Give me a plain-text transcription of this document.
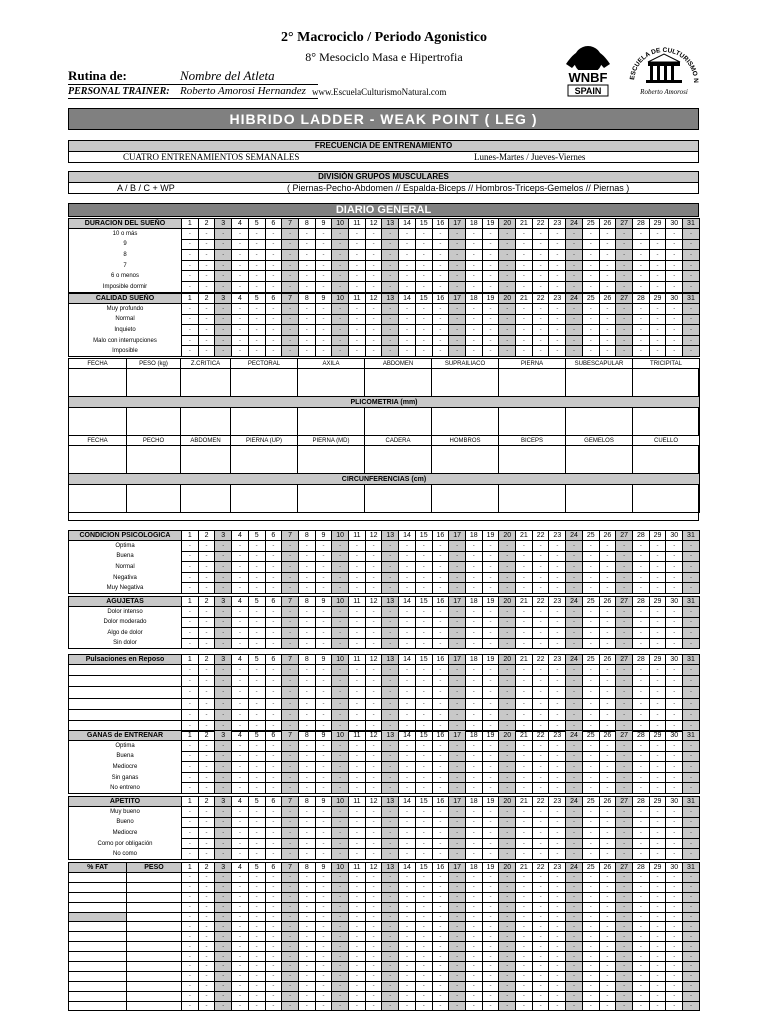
2° Macrociclo / Periodo Agonistico
8° Mesociclo Masa e Hipertrofia
Rutina de:	Nombre del Atleta
PERSONAL TRAINER: Roberto Amorosi Hernandez www.EscuelaCulturismoNatural.com
WNBF
SPAIN
ESCUELA DE CULTURISMO N
Roberto Amorosi
HIBRIDO LADDER - WEAK POINT ( LEG )
FRECUENCIA DE ENTRENAMIENTO
CUATRO ENTRENAMIENTOS SEMANALES	Lunes-Martes / Jueves-Viernes
DIVISIÓN GRUPOS MUSCULARES
A / B / C + WP	( Piernas-Pecho-Abdomen // Espalda-Biceps // Hombros-Triceps-Gemelos // Piernas )
DIARIO GENERAL
DURACION DEL SUEÑO	1	2	3	4	5	6	7	8	9	10	11	12	13	14	15	16	17	18	19	20	21	22	23	24	25	26	27	28	29	30	31
10 o más	-	-	-	-	-	-	-	-	-	-	-	-	-	-	-	-	-	-	-	-	-	-	-	-	-	-	-	-	-	-	-
9	-	-	-	-	-	-	-	-	-	-	-	-	-	-	-	-	-	-	-	-	-	-	-	-	-	-	-	-	-	-	-
8	-	-	-	-	-	-	-	-	-	-	-	-	-	-	-	-	-	-	-	-	-	-	-	-	-	-	-	-	-	-	-
7	-	-	-	-	-	-	-	-	-	-	-	-	-	-	-	-	-	-	-	-	-	-	-	-	-	-	-	-	-	-	-
6 o menos	-	-	-	-	-	-	-	-	-	-	-	-	-	-	-	-	-	-	-	-	-	-	-	-	-	-	-	-	-	-	-
Imposible dormir	-	-	-	-	-	-	-	-	-	-	-	-	-	-	-	-	-	-	-	-	-	-	-	-	-	-	-	-	-	-	-
CALIDAD SUEÑO	1	2	3	4	5	6	7	8	9	10	11	12	13	14	15	16	17	18	19	20	21	22	23	24	25	26	27	28	29	30	31
Muy profundo	-	-	-	-	-	-	-	-	-	-	-	-	-	-	-	-	-	-	-	-	-	-	-	-	-	-	-	-	-	-	-
Normal	-	-	-	-	-	-	-	-	-	-	-	-	-	-	-	-	-	-	-	-	-	-	-	-	-	-	-	-	-	-	-
Inquieto	-	-	-	-	-	-	-	-	-	-	-	-	-	-	-	-	-	-	-	-	-	-	-	-	-	-	-	-	-	-	-
Malo con interrupciones	-	-	-	-	-	-	-	-	-	-	-	-	-	-	-	-	-	-	-	-	-	-	-	-	-	-	-	-	-	-	-
Imposible	-	-	-	-	-	-	-	-	-	-	-	-	-	-	-	-	-	-	-	-	-	-	-	-	-	-	-	-	-	-	-
FECHA	PESO (kg)	Z.CRITICA	PECTORAL	AXILA	ABDOMEN	SUPRAILIACO	PIERNA	SUBESCAPULAR	TRICIPITAL

PLICOMETRIA (mm)									

FECHA	PECHO	ABDOMEN	PIERNA (UP)	PIERNA (MD)	CADERA	HOMBROS	BICEPS	GEMELOS	CUELLO

CIRCUNFERENCIAS (cm)									

CONDICION PSICOLOGICA	1	2	3	4	5	6	7	8	9	10	11	12	13	14	15	16	17	18	19	20	21	22	23	24	25	26	27	28	29	30	31
Optima	-	-	-	-	-	-	-	-	-	-	-	-	-	-	-	-	-	-	-	-	-	-	-	-	-	-	-	-	-	-	-
Buena	-	-	-	-	-	-	-	-	-	-	-	-	-	-	-	-	-	-	-	-	-	-	-	-	-	-	-	-	-	-	-
Normal	-	-	-	-	-	-	-	-	-	-	-	-	-	-	-	-	-	-	-	-	-	-	-	-	-	-	-	-	-	-	-
Negativa	-	-	-	-	-	-	-	-	-	-	-	-	-	-	-	-	-	-	-	-	-	-	-	-	-	-	-	-	-	-	-
Muy Negativa	-	-	-	-	-	-	-	-	-	-	-	-	-	-	-	-	-	-	-	-	-	-	-	-	-	-	-	-	-	-	-
AGUJETAS	1	2	3	4	5	6	7	8	9	10	11	12	13	14	15	16	17	18	19	20	21	22	23	24	25	26	27	28	29	30	31
Dolor intenso	-	-	-	-	-	-	-	-	-	-	-	-	-	-	-	-	-	-	-	-	-	-	-	-	-	-	-	-	-	-	-
Dolor moderado	-	-	-	-	-	-	-	-	-	-	-	-	-	-	-	-	-	-	-	-	-	-	-	-	-	-	-	-	-	-	-
Algo de dolor	-	-	-	-	-	-	-	-	-	-	-	-	-	-	-	-	-	-	-	-	-	-	-	-	-	-	-	-	-	-	-
Sin dolor	-	-	-	-	-	-	-	-	-	-	-	-	-	-	-	-	-	-	-	-	-	-	-	-	-	-	-	-	-	-	-
Pulsaciones en Reposo	1	2	3	4	5	6	7	8	9	10	11	12	13	14	15	16	17	18	19	20	21	22	23	24	25	26	27	28	29	30	31
	-	-	-	-	-	-	-	-	-	-	-	-	-	-	-	-	-	-	-	-	-	-	-	-	-	-	-	-	-	-	-
	-	-	-	-	-	-	-	-	-	-	-	-	-	-	-	-	-	-	-	-	-	-	-	-	-	-	-	-	-	-	-
	-	-	-	-	-	-	-	-	-	-	-	-	-	-	-	-	-	-	-	-	-	-	-	-	-	-	-	-	-	-	-
	-	-	-	-	-	-	-	-	-	-	-	-	-	-	-	-	-	-	-	-	-	-	-	-	-	-	-	-	-	-	-
	-	-	-	-	-	-	-	-	-	-	-	-	-	-	-	-	-	-	-	-	-	-	-	-	-	-	-	-	-	-	-
	-	-	-	-	-	-	-	-	-	-	-	-	-	-	-	-	-	-	-	-	-	-	-	-	-	-	-	-	-	-	-
GANAS de ENTRENAR	1	2	3	4	5	6	7	8	9	10	11	12	13	14	15	16	17	18	19	20	21	22	23	24	25	26	27	28	29	30	31
Optima	-	-	-	-	-	-	-	-	-	-	-	-	-	-	-	-	-	-	-	-	-	-	-	-	-	-	-	-	-	-	-
Buena	-	-	-	-	-	-	-	-	-	-	-	-	-	-	-	-	-	-	-	-	-	-	-	-	-	-	-	-	-	-	-
Mediocre	-	-	-	-	-	-	-	-	-	-	-	-	-	-	-	-	-	-	-	-	-	-	-	-	-	-	-	-	-	-	-
Sin ganas	-	-	-	-	-	-	-	-	-	-	-	-	-	-	-	-	-	-	-	-	-	-	-	-	-	-	-	-	-	-	-
No entreno	-	-	-	-	-	-	-	-	-	-	-	-	-	-	-	-	-	-	-	-	-	-	-	-	-	-	-	-	-	-	-
APETITO	1	2	3	4	5	6	7	8	9	10	11	12	13	14	15	16	17	18	19	20	21	22	23	24	25	26	27	28	29	30	31
Muy bueno	-	-	-	-	-	-	-	-	-	-	-	-	-	-	-	-	-	-	-	-	-	-	-	-	-	-	-	-	-	-	-
Bueno	-	-	-	-	-	-	-	-	-	-	-	-	-	-	-	-	-	-	-	-	-	-	-	-	-	-	-	-	-	-	-
Mediocre	-	-	-	-	-	-	-	-	-	-	-	-	-	-	-	-	-	-	-	-	-	-	-	-	-	-	-	-	-	-	-
Como por obligación	-	-	-	-	-	-	-	-	-	-	-	-	-	-	-	-	-	-	-	-	-	-	-	-	-	-	-	-	-	-	-
No como	-	-	-	-	-	-	-	-	-	-	-	-	-	-	-	-	-	-	-	-	-	-	-	-	-	-	-	-	-	-	-
% FAT	PESO	1	2	3	4	5	6	7	8	9	10	11	12	13	14	15	16	17	18	19	20	21	22	23	24	25	26	27	28	29	30	31
		-	-	-	-	-	-	-	-	-	-	-	-	-	-	-	-	-	-	-	-	-	-	-	-	-	-	-	-	-	-	-
		-	-	-	-	-	-	-	-	-	-	-	-	-	-	-	-	-	-	-	-	-	-	-	-	-	-	-	-	-	-	-
		-	-	-	-	-	-	-	-	-	-	-	-	-	-	-	-	-	-	-	-	-	-	-	-	-	-	-	-	-	-	-
		-	-	-	-	-	-	-	-	-	-	-	-	-	-	-	-	-	-	-	-	-	-	-	-	-	-	-	-	-	-	-
		-	-	-	-	-	-	-	-	-	-	-	-	-	-	-	-	-	-	-	-	-	-	-	-	-	-	-	-	-	-	-
		-	-	-	-	-	-	-	-	-	-	-	-	-	-	-	-	-	-	-	-	-	-	-	-	-	-	-	-	-	-	-
		-	-	-	-	-	-	-	-	-	-	-	-	-	-	-	-	-	-	-	-	-	-	-	-	-	-	-	-	-	-	-
		-	-	-	-	-	-	-	-	-	-	-	-	-	-	-	-	-	-	-	-	-	-	-	-	-	-	-	-	-	-	-
		-	-	-	-	-	-	-	-	-	-	-	-	-	-	-	-	-	-	-	-	-	-	-	-	-	-	-	-	-	-	-
		-	-	-	-	-	-	-	-	-	-	-	-	-	-	-	-	-	-	-	-	-	-	-	-	-	-	-	-	-	-	-
		-	-	-	-	-	-	-	-	-	-	-	-	-	-	-	-	-	-	-	-	-	-	-	-	-	-	-	-	-	-	-
		-	-	-	-	-	-	-	-	-	-	-	-	-	-	-	-	-	-	-	-	-	-	-	-	-	-	-	-	-	-	-
		-	-	-	-	-	-	-	-	-	-	-	-	-	-	-	-	-	-	-	-	-	-	-	-	-	-	-	-	-	-	-
		-	-	-	-	-	-	-	-	-	-	-	-	-	-	-	-	-	-	-	-	-	-	-	-	-	-	-	-	-	-	-
